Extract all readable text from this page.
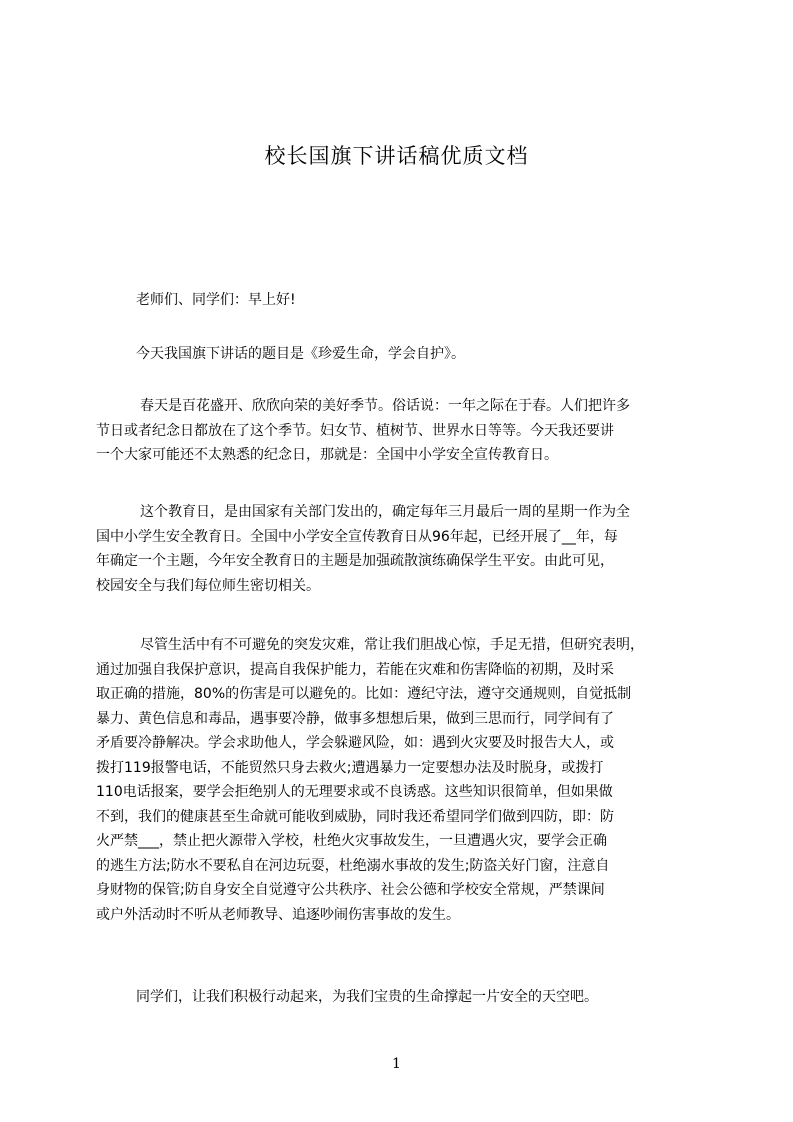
校长国旗下讲话稿优质文档
老师们、同学们：早上好!
今天我国旗下讲话的题目是《珍爱生命，学会自护》。
春天是百花盛开、欣欣向荣的美好季节。俗话说：一年之际在于春。人们把许多
节日或者纪念日都放在了这个季节。妇女节、植树节、世界水日等等。今天我还要讲
一个大家可能还不太熟悉的纪念日，那就是：全国中小学安全宣传教育日。
这个教育日，是由国家有关部门发出的，确定每年三月最后一周的星期一作为全
国中小学生安全教育日。全国中小学安全宣传教育日从96年起，已经开展了__年，每
年确定一个主题，今年安全教育日的主题是加强疏散演练确保学生平安。由此可见，
校园安全与我们每位师生密切相关。
尽管生活中有不可避免的突发灾难，常让我们胆战心惊，手足无措，但研究表明，
通过加强自我保护意识，提高自我保护能力，若能在灾难和伤害降临的初期，及时采
取正确的措施，80%的伤害是可以避免的。比如：遵纪守法，遵守交通规则，自觉抵制
暴力、黄色信息和毒品，遇事要冷静，做事多想想后果，做到三思而行，同学间有了
矛盾要冷静解决。学会求助他人，学会躲避风险，如：遇到火灾要及时报告大人，或
拨打119报警电话，不能贸然只身去救火;遭遇暴力一定要想办法及时脱身，或拨打
110电话报案，要学会拒绝别人的无理要求或不良诱惑。这些知识很简单，但如果做
不到，我们的健康甚至生命就可能收到威胁，同时我还希望同学们做到四防，即：防
火严禁___，禁止把火源带入学校，杜绝火灾事故发生，一旦遭遇火灾，要学会正确
的逃生方法;防水不要私自在河边玩耍，杜绝溺水事故的发生;防盗关好门窗，注意自
身财物的保管;防自身安全自觉遵守公共秩序、社会公德和学校安全常规，严禁课间
或户外活动时不听从老师教导、追逐吵闹伤害事故的发生。
同学们，让我们积极行动起来，为我们宝贵的生命撑起一片安全的天空吧。
1
